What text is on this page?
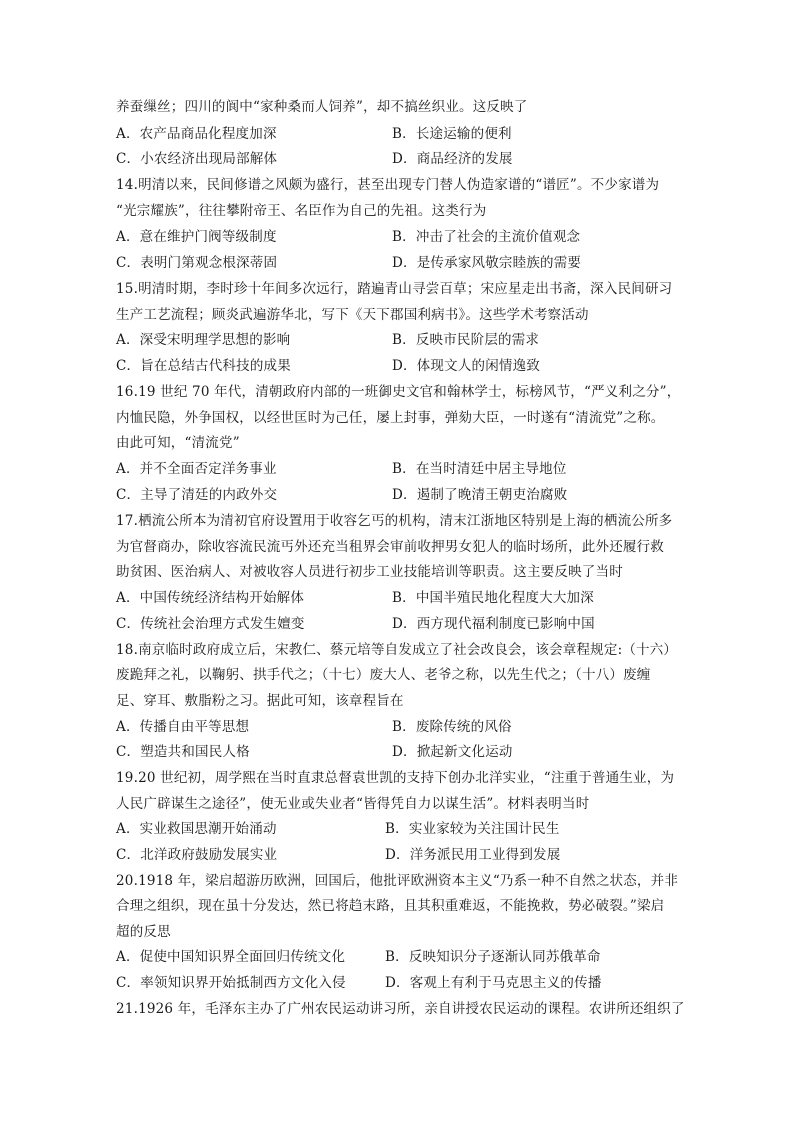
养蚕缫丝；四川的阆中“家种桑而人饲养”，却不搞丝织业。这反映了
A．农产品商品化程度加深	B．长途运输的便利
C．小农经济出现局部解体	D．商品经济的发展
14.明清以来，民间修谱之风颇为盛行，甚至出现专门替人伪造家谱的“谱匠”。不少家谱为
“光宗耀族”，往往攀附帝王、名臣作为自己的先祖。这类行为
A．意在维护门阀等级制度	B．冲击了社会的主流价值观念
C．表明门第观念根深蒂固	D．是传承家风敬宗睦族的需要
15.明清时期，李时珍十年间多次远行，踏遍青山寻尝百草；宋应星走出书斋，深入民间研习
生产工艺流程；顾炎武遍游华北，写下《天下郡国利病书》。这些学术考察活动
A．深受宋明理学思想的影响	B．反映市民阶层的需求
C．旨在总结古代科技的成果	D．体现文人的闲情逸致
16.19 世纪 70 年代，清朝政府内部的一班御史文官和翰林学士，标榜风节，“严义利之分”，
内恤民隐，外争国权，以经世匡时为己任，屡上封事，弹劾大臣，一时遂有“清流党”之称。
由此可知，“清流党”
A．并不全面否定洋务事业	B．在当时清廷中居主导地位
C．主导了清廷的内政外交	D．遏制了晚清王朝吏治腐败
17.栖流公所本为清初官府设置用于收容乞丐的机构，清末江浙地区特别是上海的栖流公所多
为官督商办，除收容流民流丐外还充当租界会审前收押男女犯人的临时场所，此外还履行救
助贫困、医治病人、对被收容人员进行初步工业技能培训等职责。这主要反映了当时
A．中国传统经济结构开始解体	B．中国半殖民地化程度大大加深
C．传统社会治理方式发生嬗变	D．西方现代福利制度已影响中国
18.南京临时政府成立后，宋教仁、蔡元培等自发成立了社会改良会，该会章程规定:（十六）
废跪拜之礼，以鞠躬、拱手代之；（十七）废大人、老爷之称，以先生代之；（十八）废缠
足、穿耳、敷脂粉之习。据此可知，该章程旨在
A．传播自由平等思想	B．废除传统的风俗
C．塑造共和国民人格	D．掀起新文化运动
19.20 世纪初，周学熙在当时直隶总督袁世凯的支持下创办北洋实业，“注重于普通生业，为
人民广辟谋生之途径”，使无业或失业者“皆得凭自力以谋生活”。材料表明当时
A．实业救国思潮开始涌动	B．实业家较为关注国计民生
C．北洋政府鼓励发展实业	D．洋务派民用工业得到发展
20.1918 年，梁启超游历欧洲，回国后，他批评欧洲资本主义“乃系一种不自然之状态，并非
合理之组织，现在虽十分发达，然已将趋末路，且其积重难返，不能挽救，势必破裂。”梁启
超的反思
A．促使中国知识界全面回归传统文化	B．反映知识分子逐渐认同苏俄革命
C．率领知识界开始抵制西方文化入侵	D．客观上有利于马克思主义的传播
21.1926 年，毛泽东主办了广州农民运动讲习所，亲自讲授农民运动的课程。农讲所还组织了
